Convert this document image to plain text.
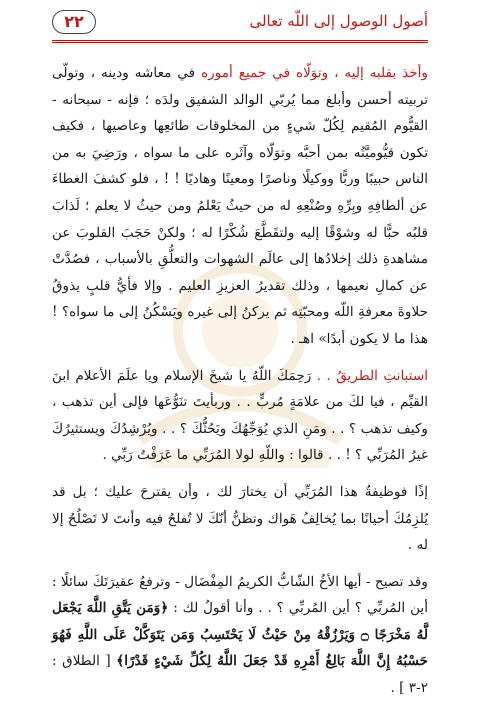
٢٢	أصول الوصول إلى اللّه تعالى

وأخذ بقلبه إليه ، وتوَلّاه في جميع أموره في معاشه ودينه ، وتولّى تربيته أحسن وأبلغ مما يُربّي الوالد الشفيق ولدَه ؛ فإنه - سبحانه - القيُّوم المُقيم لِكُلّ شيءٍ من المخلوقات طائعِها وعاصيها ، فكيف تكون قيُّوميَّتُه بمن أحبَّه وتوَلّاه وآثَره على ما سواه ، ورَضِيَ به من الناس حبيبًا وربًّا ووكيلًا وناصرًا ومعينًا وهاديًا ! ! ، فلو كشفَ الغطاءَ عن ألطافِهِ وبِرِّهِ وصُنْعِهِ له من حيثُ يَعْلمُ ومن حيثُ لا يعلم ؛ لَذابَ قلبُه حبًّا له وشوْقًا إليه ولتقَطَّعَ شُكْرًا له ؛ ولكنْ حَجَبَ القلوبَ عن مشاهدةِ ذلك إخلادُها إلى عالَم الشهوات والتعلُّقِ بالأسباب ، فصُدَّتْ عن كمالِ نعيمها ، وذلك تقديرُ العزيزِ العليم . وإلا فأيُّ قلبٍ يذوقُ حلاوةَ معرفةِ اللّه ومحبّتِه ثم يركنُ إلى غيره ويَسْكُنُ إلى ما سواه؟ ! هذا ما لا يكون أبدًا» اهـ .

استبانتِ الطريقُ . . رَحِمَكَ اللّهُ يا شيخَ الإسلام ويا علَمَ الأعلام ابنَ القيِّم ، فيا لكَ من علامَةٍ مُربٍّ . . وربأيتَ تنَوُّعَها فإلى أين تذهب ، وكيف تذهب ؟ . . ومَنِ الذي يُوَجِّهُكَ ويَحُثُّكَ ؟ . . ويُرْشِدُكَ ويستثيرُكَ غيرُ المُرَبِّي ؟ ! . . قالوا : واللّهِ لولا المُرَبِّي ما عَرَفْتُ رَبِّي .

إذًا فوظيفةُ هذا المُرَبِّي أن يختارَ لك ، وأن يقترحَ عليك ؛ بل قد يُلزِمُكَ أحيانًا بما يُخالِفُ هَواك وتظنُّ أنّكَ لا تُفلحُ فيه وأنتَ لا تَصْلُحُ إلا له .

وقد تصيح - أيها الأخُ الشّابُّ الكريمُ المِفْضَال - وترفعُ عقيرَتَكَ سائلًا : أين المُربِّي ؟ أين المُربِّي ؟ . . وأنا أقولُ لك : ﴿وَمَن يَتَّقِ اللَّهَ يَجْعَل لَّهُ مَخْرَجًا ۝ وَيَرْزُقْهُ مِنْ حَيْثُ لَا يَحْتَسِبُ وَمَن يَتَوَكَّلْ عَلَى اللَّهِ فَهُوَ حَسْبُهُ إِنَّ اللَّهَ بَالِغُ أَمْرِهِ قَدْ جَعَلَ اللَّهُ لِكُلِّ شَيْءٍ قَدْرًا﴾ [ الطلاق : ٢-٣ ] .
